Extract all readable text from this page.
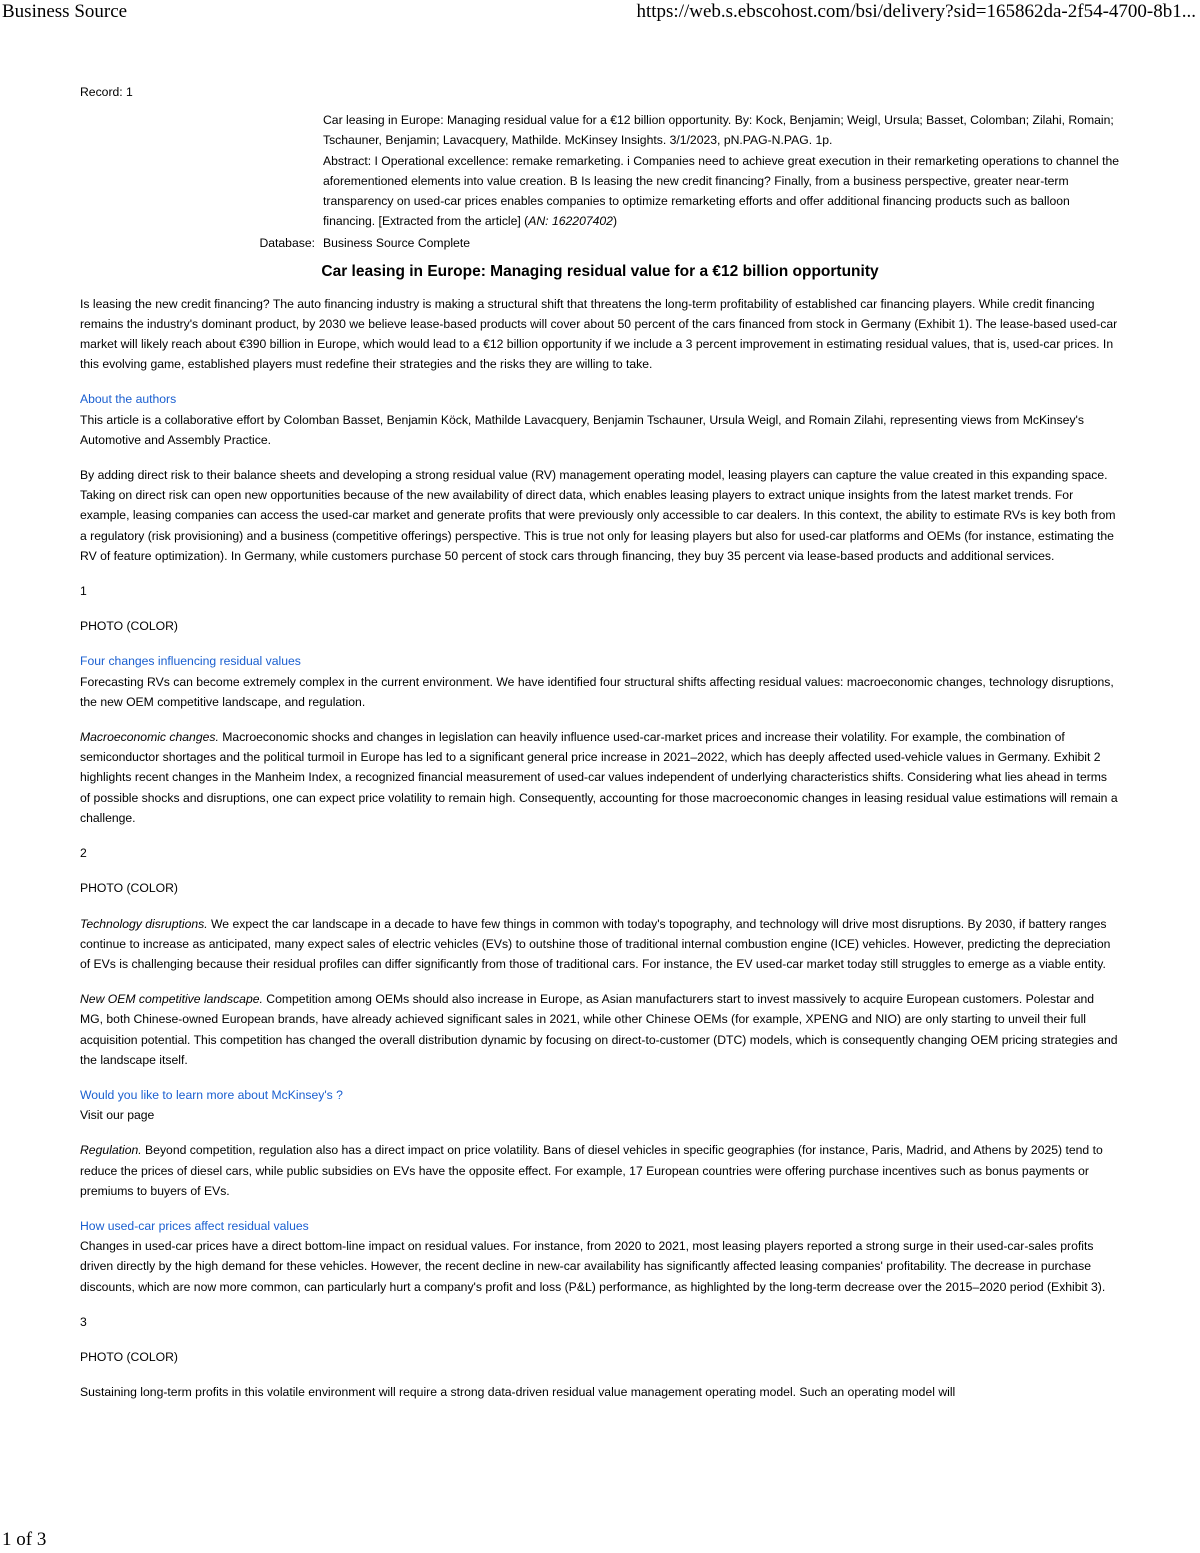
Business Source	https://web.s.ebscohost.com/bsi/delivery?sid=165862da-2f54-4700-8b1...
Record: 1

Car leasing in Europe: Managing residual value for a €12 billion opportunity. By: Kock, Benjamin; Weigl, Ursula; Basset, Colomban; Zilahi, Romain; Tschauner, Benjamin; Lavacquery, Mathilde. McKinsey Insights. 3/1/2023, pN.PAG-N.PAG. 1p.

Abstract: I Operational excellence: remake remarketing. i Companies need to achieve great execution in their remarketing operations to channel the aforementioned elements into value creation. B Is leasing the new credit financing? Finally, from a business perspective, greater near-term transparency on used-car prices enables companies to optimize remarketing efforts and offer additional financing products such as balloon financing. [Extracted from the article] (AN: 162207402)

Database: Business Source Complete
Car leasing in Europe: Managing residual value for a €12 billion opportunity

Is leasing the new credit financing? The auto financing industry is making a structural shift that threatens the long-term profitability of established car financing players. While credit financing remains the industry's dominant product, by 2030 we believe lease-based products will cover about 50 percent of the cars financed from stock in Germany (Exhibit 1). The lease-based used-car market will likely reach about €390 billion in Europe, which would lead to a €12 billion opportunity if we include a 3 percent improvement in estimating residual values, that is, used-car prices. In this evolving game, established players must redefine their strategies and the risks they are willing to take.

About the authors

This article is a collaborative effort by Colomban Basset, Benjamin Köck, Mathilde Lavacquery, Benjamin Tschauner, Ursula Weigl, and Romain Zilahi, representing views from McKinsey's Automotive and Assembly Practice.

By adding direct risk to their balance sheets and developing a strong residual value (RV) management operating model, leasing players can capture the value created in this expanding space. Taking on direct risk can open new opportunities because of the new availability of direct data, which enables leasing players to extract unique insights from the latest market trends. For example, leasing companies can access the used-car market and generate profits that were previously only accessible to car dealers. In this context, the ability to estimate RVs is key both from a regulatory (risk provisioning) and a business (competitive offerings) perspective. This is true not only for leasing players but also for used-car platforms and OEMs (for instance, estimating the RV of feature optimization). In Germany, while customers purchase 50 percent of stock cars through financing, they buy 35 percent via lease-based products and additional services.

1
PHOTO (COLOR)
Four changes influencing residual values

Forecasting RVs can become extremely complex in the current environment. We have identified four structural shifts affecting residual values: macroeconomic changes, technology disruptions, the new OEM competitive landscape, and regulation.

Macroeconomic changes. Macroeconomic shocks and changes in legislation can heavily influence used-car-market prices and increase their volatility. For example, the combination of semiconductor shortages and the political turmoil in Europe has led to a significant general price increase in 2021–2022, which has deeply affected used-vehicle values in Germany. Exhibit 2 highlights recent changes in the Manheim Index, a recognized financial measurement of used-car values independent of underlying characteristics shifts. Considering what lies ahead in terms of possible shocks and disruptions, one can expect price volatility to remain high. Consequently, accounting for those macroeconomic changes in leasing residual value estimations will remain a challenge.

2
PHOTO (COLOR)

Technology disruptions. We expect the car landscape in a decade to have few things in common with today's topography, and technology will drive most disruptions. By 2030, if battery ranges continue to increase as anticipated, many expect sales of electric vehicles (EVs) to outshine those of traditional internal combustion engine (ICE) vehicles. However, predicting the depreciation of EVs is challenging because their residual profiles can differ significantly from those of traditional cars. For instance, the EV used-car market today still struggles to emerge as a viable entity.

New OEM competitive landscape. Competition among OEMs should also increase in Europe, as Asian manufacturers start to invest massively to acquire European customers. Polestar and MG, both Chinese-owned European brands, have already achieved significant sales in 2021, while other Chinese OEMs (for example, XPENG and NIO) are only starting to unveil their full acquisition potential. This competition has changed the overall distribution dynamic by focusing on direct-to-customer (DTC) models, which is consequently changing OEM pricing strategies and the landscape itself.

Would you like to learn more about McKinsey's ?

Visit our page

Regulation. Beyond competition, regulation also has a direct impact on price volatility. Bans of diesel vehicles in specific geographies (for instance, Paris, Madrid, and Athens by 2025) tend to reduce the prices of diesel cars, while public subsidies on EVs have the opposite effect. For example, 17 European countries were offering purchase incentives such as bonus payments or premiums to buyers of EVs.

How used-car prices affect residual values

Changes in used-car prices have a direct bottom-line impact on residual values. For instance, from 2020 to 2021, most leasing players reported a strong surge in their used-car-sales profits driven directly by the high demand for these vehicles. However, the recent decline in new-car availability has significantly affected leasing companies' profitability. The decrease in purchase discounts, which are now more common, can particularly hurt a company's profit and loss (P&L) performance, as highlighted by the long-term decrease over the 2015–2020 period (Exhibit 3).

3
PHOTO (COLOR)

Sustaining long-term profits in this volatile environment will require a strong data-driven residual value management operating model. Such an operating model will

1 of 3
